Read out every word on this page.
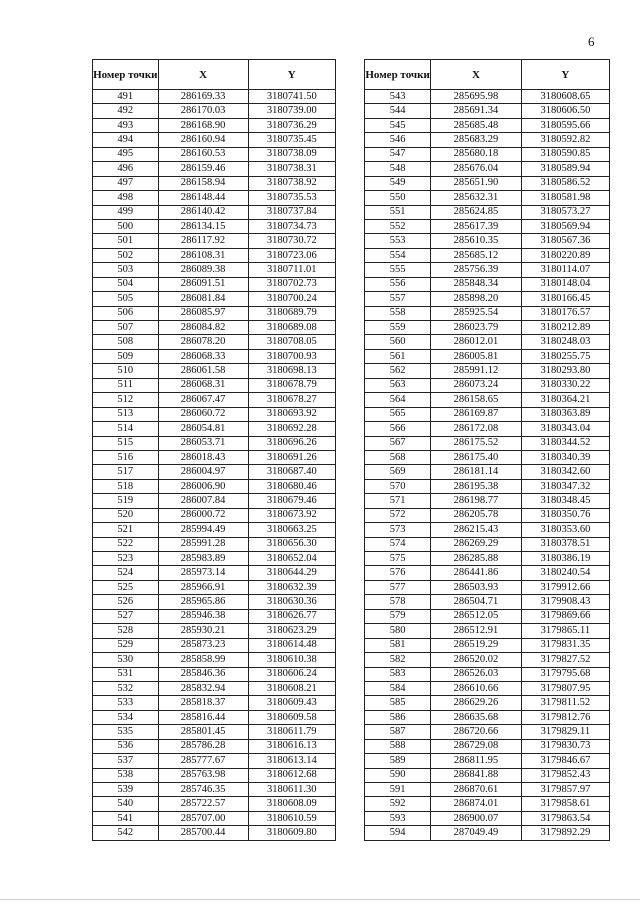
6
Номер точки	X	Y
491	286169.33	3180741.50
492	286170.03	3180739.00
493	286168.90	3180736.29
494	286160.94	3180735.45
495	286160.53	3180738.09
496	286159.46	3180738.31
497	286158.94	3180738.92
498	286148.44	3180735.53
499	286140.42	3180737.84
500	286134.15	3180734.73
501	286117.92	3180730.72
502	286108.31	3180723.06
503	286089.38	3180711.01
504	286091.51	3180702.73
505	286081.84	3180700.24
506	286085.97	3180689.79
507	286084.82	3180689.08
508	286078.20	3180708.05
509	286068.33	3180700.93
510	286061.58	3180698.13
511	286068.31	3180678.79
512	286067.47	3180678.27
513	286060.72	3180693.92
514	286054.81	3180692.28
515	286053.71	3180696.26
516	286018.43	3180691.26
517	286004.97	3180687.40
518	286006.90	3180680.46
519	286007.84	3180679.46
520	286000.72	3180673.92
521	285994.49	3180663.25
522	285991.28	3180656.30
523	285983.89	3180652.04
524	285973.14	3180644.29
525	285966.91	3180632.39
526	285965.86	3180630.36
527	285946.38	3180626.77
528	285930.21	3180623.29
529	285873.23	3180614.48
530	285858.99	3180610.38
531	285846.36	3180606.24
532	285832.94	3180608.21
533	285818.37	3180609.43
534	285816.44	3180609.58
535	285801.45	3180611.79
536	285786.28	3180616.13
537	285777.67	3180613.14
538	285763.98	3180612.68
539	285746.35	3180611.30
540	285722.57	3180608.09
541	285707.00	3180610.59
542	285700.44	3180609.80
Номер точки	X	Y
543	285695.98	3180608.65
544	285691.34	3180606.50
545	285685.48	3180595.66
546	285683.29	3180592.82
547	285680.18	3180590.85
548	285676.04	3180589.94
549	285651.90	3180586.52
550	285632.31	3180581.98
551	285624.85	3180573.27
552	285617.39	3180569.94
553	285610.35	3180567.36
554	285685.12	3180220.89
555	285756.39	3180114.07
556	285848.34	3180148.04
557	285898.20	3180166.45
558	285925.54	3180176.57
559	286023.79	3180212.89
560	286012.01	3180248.03
561	286005.81	3180255.75
562	285991.12	3180293.80
563	286073.24	3180330.22
564	286158.65	3180364.21
565	286169.87	3180363.89
566	286172.08	3180343.04
567	286175.52	3180344.52
568	286175.40	3180340.39
569	286181.14	3180342.60
570	286195.38	3180347.32
571	286198.77	3180348.45
572	286205.78	3180350.76
573	286215.43	3180353.60
574	286269.29	3180378.51
575	286285.88	3180386.19
576	286441.86	3180240.54
577	286503.93	3179912.66
578	286504.71	3179908.43
579	286512.05	3179869.66
580	286512.91	3179865.11
581	286519.29	3179831.35
582	286520.02	3179827.52
583	286526.03	3179795.68
584	286610.66	3179807.95
585	286629.26	3179811.52
586	286635.68	3179812.76
587	286720.66	3179829.11
588	286729.08	3179830.73
589	286811.95	3179846.67
590	286841.88	3179852.43
591	286870.61	3179857.97
592	286874.01	3179858.61
593	286900.07	3179863.54
594	287049.49	3179892.29
